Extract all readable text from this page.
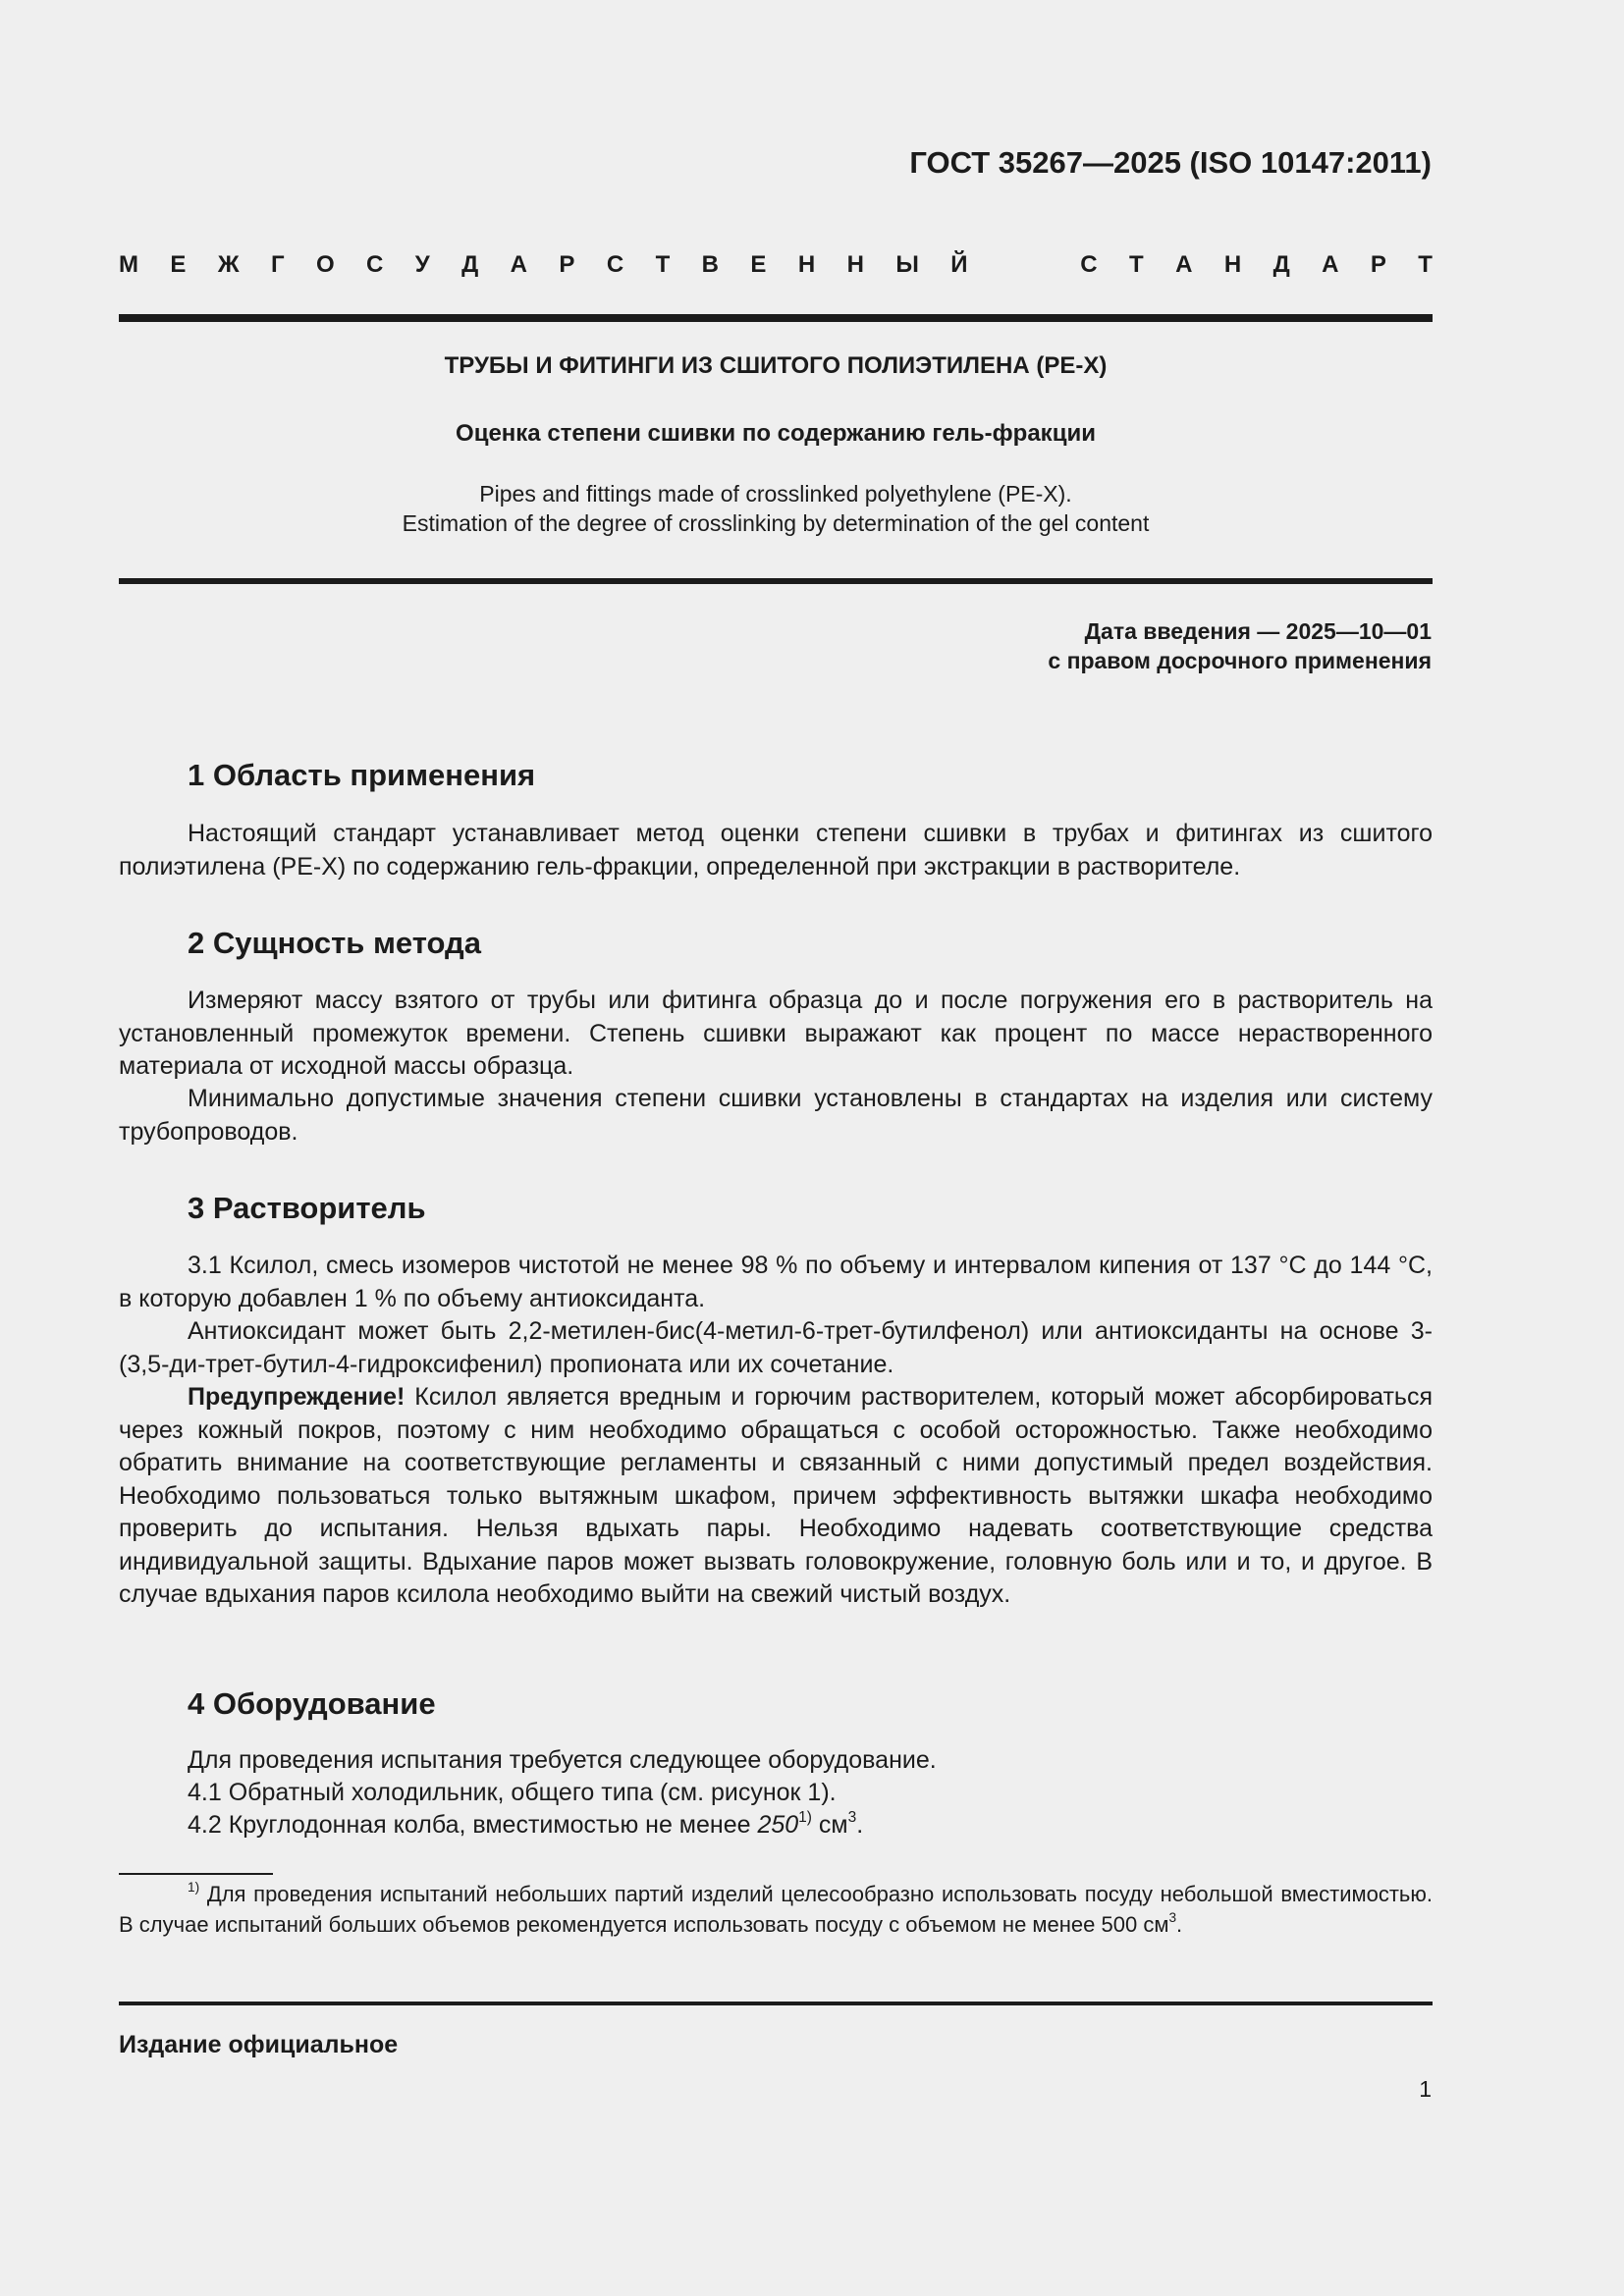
ГОСТ 35267—2025 (ISO 10147:2011)
М Е Ж Г О С У Д А Р С Т В Е Н Н Ы Й	С Т А Н Д А Р Т
ТРУБЫ И ФИТИНГИ ИЗ СШИТОГО ПОЛИЭТИЛЕНА (PE-X)
Оценка степени сшивки по содержанию гель-фракции
Pipes and fittings made of crosslinked polyethylene (PE-X).
Estimation of the degree of crosslinking by determination of the gel content
Дата введения — 2025—10—01
с правом досрочного применения
1 Область применения

Настоящий стандарт устанавливает метод оценки степени сшивки в трубах и фитингах из сшитого полиэтилена (PE-X) по содержанию гель-фракции, определенной при экстракции в растворителе.

2 Сущность метода

Измеряют массу взятого от трубы или фитинга образца до и после погружения его в растворитель на установленный промежуток времени. Степень сшивки выражают как процент по массе нерастворенного материала от исходной массы образца.

Минимально допустимые значения степени сшивки установлены в стандартах на изделия или систему трубопроводов.

3 Растворитель

3.1 Ксилол, смесь изомеров чистотой не менее 98 % по объему и интервалом кипения от 137 °С до 144 °С, в которую добавлен 1 % по объему антиоксиданта.

Антиоксидант может быть 2,2-метилен-бис(4-метил-6-трет-бутилфенол) или антиоксиданты на основе 3-(3,5-ди-трет-бутил-4-гидроксифенил) пропионата или их сочетание.

Предупреждение! Ксилол является вредным и горючим растворителем, который может абсорбироваться через кожный покров, поэтому с ним необходимо обращаться с особой осторожностью. Также необходимо обратить внимание на соответствующие регламенты и связанный с ними допустимый предел воздействия. Необходимо пользоваться только вытяжным шкафом, причем эффективность вытяжки шкафа необходимо проверить до испытания. Нельзя вдыхать пары. Необходимо надевать соответствующие средства индивидуальной защиты. Вдыхание паров может вызвать головокружение, головную боль или и то, и другое. В случае вдыхания паров ксилола необходимо выйти на свежий чистый воздух.

4 Оборудование
Для проведения испытания требуется следующее оборудование.
4.1 Обратный холодильник, общего типа (см. рисунок 1).
4.2 Круглодонная колба, вместимостью не менее 250$^{1)}$ $см^3$.

$^{1)}$ Для проведения испытаний небольших партий изделий целесообразно использовать посуду небольшой вместимостью. В случае испытаний больших объемов рекомендуется использовать посуду с объемом не менее 500 $см^3$.

Издание официальное
1
